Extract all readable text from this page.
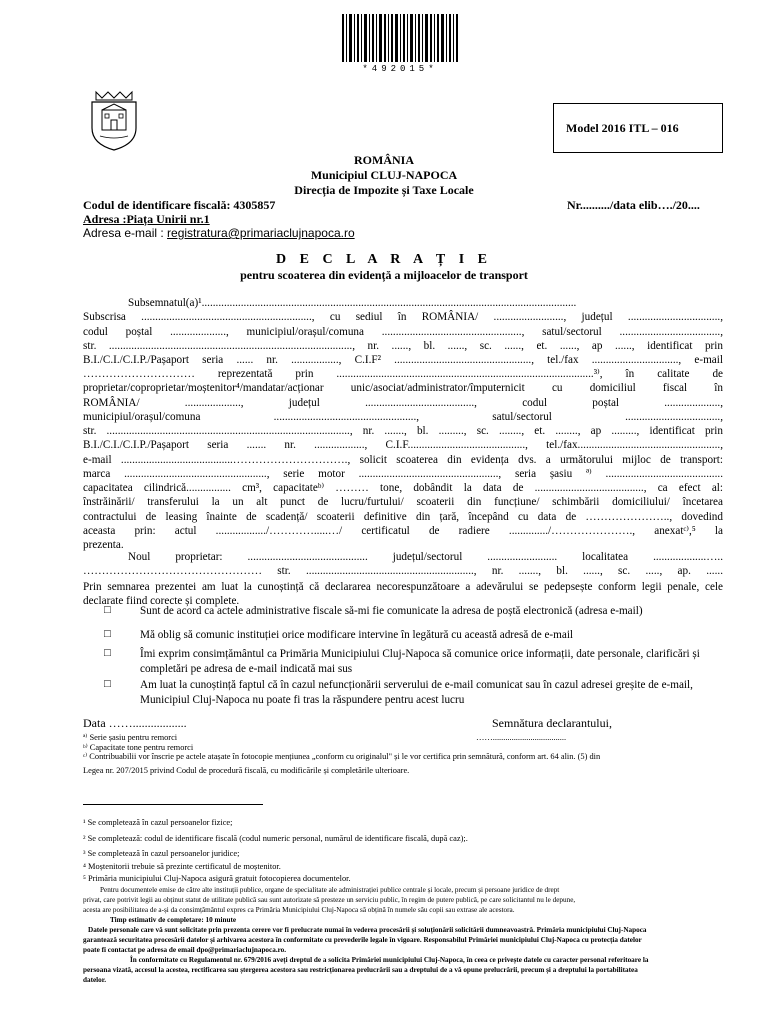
*492015*
Model 2016 ITL – 016
ROMÂNIA
Municipiul CLUJ-NAPOCA
Direcția de Impozite și Taxe Locale
Codul de identificare fiscală: 4305857	Nr........../data elib…./20....
Adresa :Piața Unirii nr.1
Adresa e-mail : registratura@primariaclujnapoca.ro
D E C L A R A Ț I E
pentru scoaterea din evidență a mijloacelor de transport
Subsemnatul(a)¹......................................................................................................................................
Subscrisa ............................................................., cu sediul în ROMÂNIA/ ........................., județul .................................,
codul poștal ...................., municipiul/orașul/comuna .................................................., satul/sectorul ....................................,
str. ......................................................................................., nr. ......, bl. ......, sc. ......, et. ......, ap ......, identificat prin
B.I./C.I./C.I.P./Pașaport seria ...... nr. ................., C.I.F² ................................................., tel./fax ..............................., e-mail
………………………… reprezentată prin ............................................................................................³⁾, în calitate de
proprietar/coproprietar/moștenitor⁴/mandatar/acționar unic/asociat/administrator/împuternicit cu domiciliul fiscal în
ROMÂNIA/ ...................., județul ......................................., codul poștal ....................,
municipiul/orașul/comuna ..................................................., satul/sectorul ..................................,
str. ......................................................................................., nr. ......., bl. ........., sc. ........, et. ........, ap ........., identificat prin
B.I./C.I./C.I.P./Pașaport seria ....... nr. .................., C.I.F.........................................., tel./fax...................................................,
e-mail ........................................…………………………., solicit scoaterea din evidența dvs. a următorului mijloc de transport:
marca ..................................................., serie motor .................................................., seria șasiu ª⁾ ..........................................
capacitatea cilindrică................ cm³, capacitateᵇ⁾ ……… tone, dobândit la data de ......................................., ca efect al:
înstrăinării/ transferului la un alt punct de lucru/furtului/ scoaterii din funcțiune/ schimbării domiciliului/ încetarea
contractului de leasing înainte de scadență/ scoaterii definitive din țară, începând cu data de ………………….., dovedind
aceasta prin: actul ................../………….....…/ certificatul de radiere ............../…………………., anexatᶜ⁾,⁵ la
prezenta.
Noul proprietar: ........................................... județul/sectorul ......................... localitatea ...................…..
………………………………………… str. ............................................................, nr. ......., bl. ......, sc. ....., ap. ......
Prin semnarea prezentei am luat la cunoștință că declararea necorespunzătoare a adevărului se pedepsește conform legii penale, cele
declarate fiind corecte și complete.
□	Sunt de acord ca actele administrative fiscale să-mi fie comunicate la adresa de poștă electronică (adresa e-mail)
□	Mă oblig să comunic instituției orice modificare intervine în legătură cu această adresă de e-mail
□	Îmi exprim consimțământul ca Primăria Municipiului Cluj-Napoca să comunice orice informații, date personale, clarificări și
completări pe adresa de e-mail indicată mai sus
□	Am luat la cunoștință faptul că în cazul nefuncționării serverului de e-mail comunicat sau în cazul adresei greșite de e-mail,
Municipiul Cluj-Napoca nu poate fi tras la răspundere pentru acest lucru
Data ……..................	Semnătura declarantului,
……...................................
ª⁾ Serie șasiu pentru remorci
ᵇ⁾ Capacitate tone pentru remorci
ᶜ⁾ Contribuabilii vor înscrie pe actele atașate în fotocopie mențiunea „conform cu originalul" și le vor certifica prin semnătură, conform art. 64 alin. (5) din
Legea nr. 207/2015 privind Codul de procedură fiscală, cu modificările și completările ulterioare.
¹ Se completează în cazul persoanelor fizice;
² Se completează: codul de identificare fiscală (codul numeric personal, numărul de identificare fiscală, după caz);.
³ Se completează în cazul persoanelor juridice;
⁴ Moștenitorii trebuie să prezinte certificatul de moștenitor.
⁵ Primăria municipiului Cluj-Napoca asigură gratuit fotocopierea documentelor.
Pentru documentele emise de către alte instituții publice, organe de specialitate ale administrației publice centrale și locale, precum și persoane juridice de drept
privat, care potrivit legii au obținut statut de utilitate publică sau sunt autorizate să presteze un serviciu public, în regim de putere publică, pe care solicitantul nu le depune,
acesta are posibilitatea de a-și da consimțământul expres ca Primăria Municipiului Cluj-Napoca să obțină în numele său copii sau extrase ale acestora.
Timp estimativ de completare: 10 minute
Datele personale care vă sunt solicitate prin prezenta cerere vor fi prelucrate numai în vederea procesării și soluționării solicitării dumneavoastră. Primăria municipiului Cluj-Napoca
garantează securitatea procesării datelor și arhivarea acestora în conformitate cu prevederile legale în vigoare. Responsabilul Primăriei municipiului Cluj-Napoca cu protecția datelor
poate fi contactat pe adresa de email dpo@primariaclujnapoca.ro.
În conformitate cu Regulamentul nr. 679/2016 aveți dreptul de a solicita Primăriei municipiului Cluj-Napoca, în ceea ce privește datele cu caracter personal referitoare la
persoana vizată, accesul la acestea, rectificarea sau ștergerea acestora sau restricționarea prelucrării sau a dreptului de a vă opune prelucrării, precum și a dreptului la portabilitatea
datelor.
